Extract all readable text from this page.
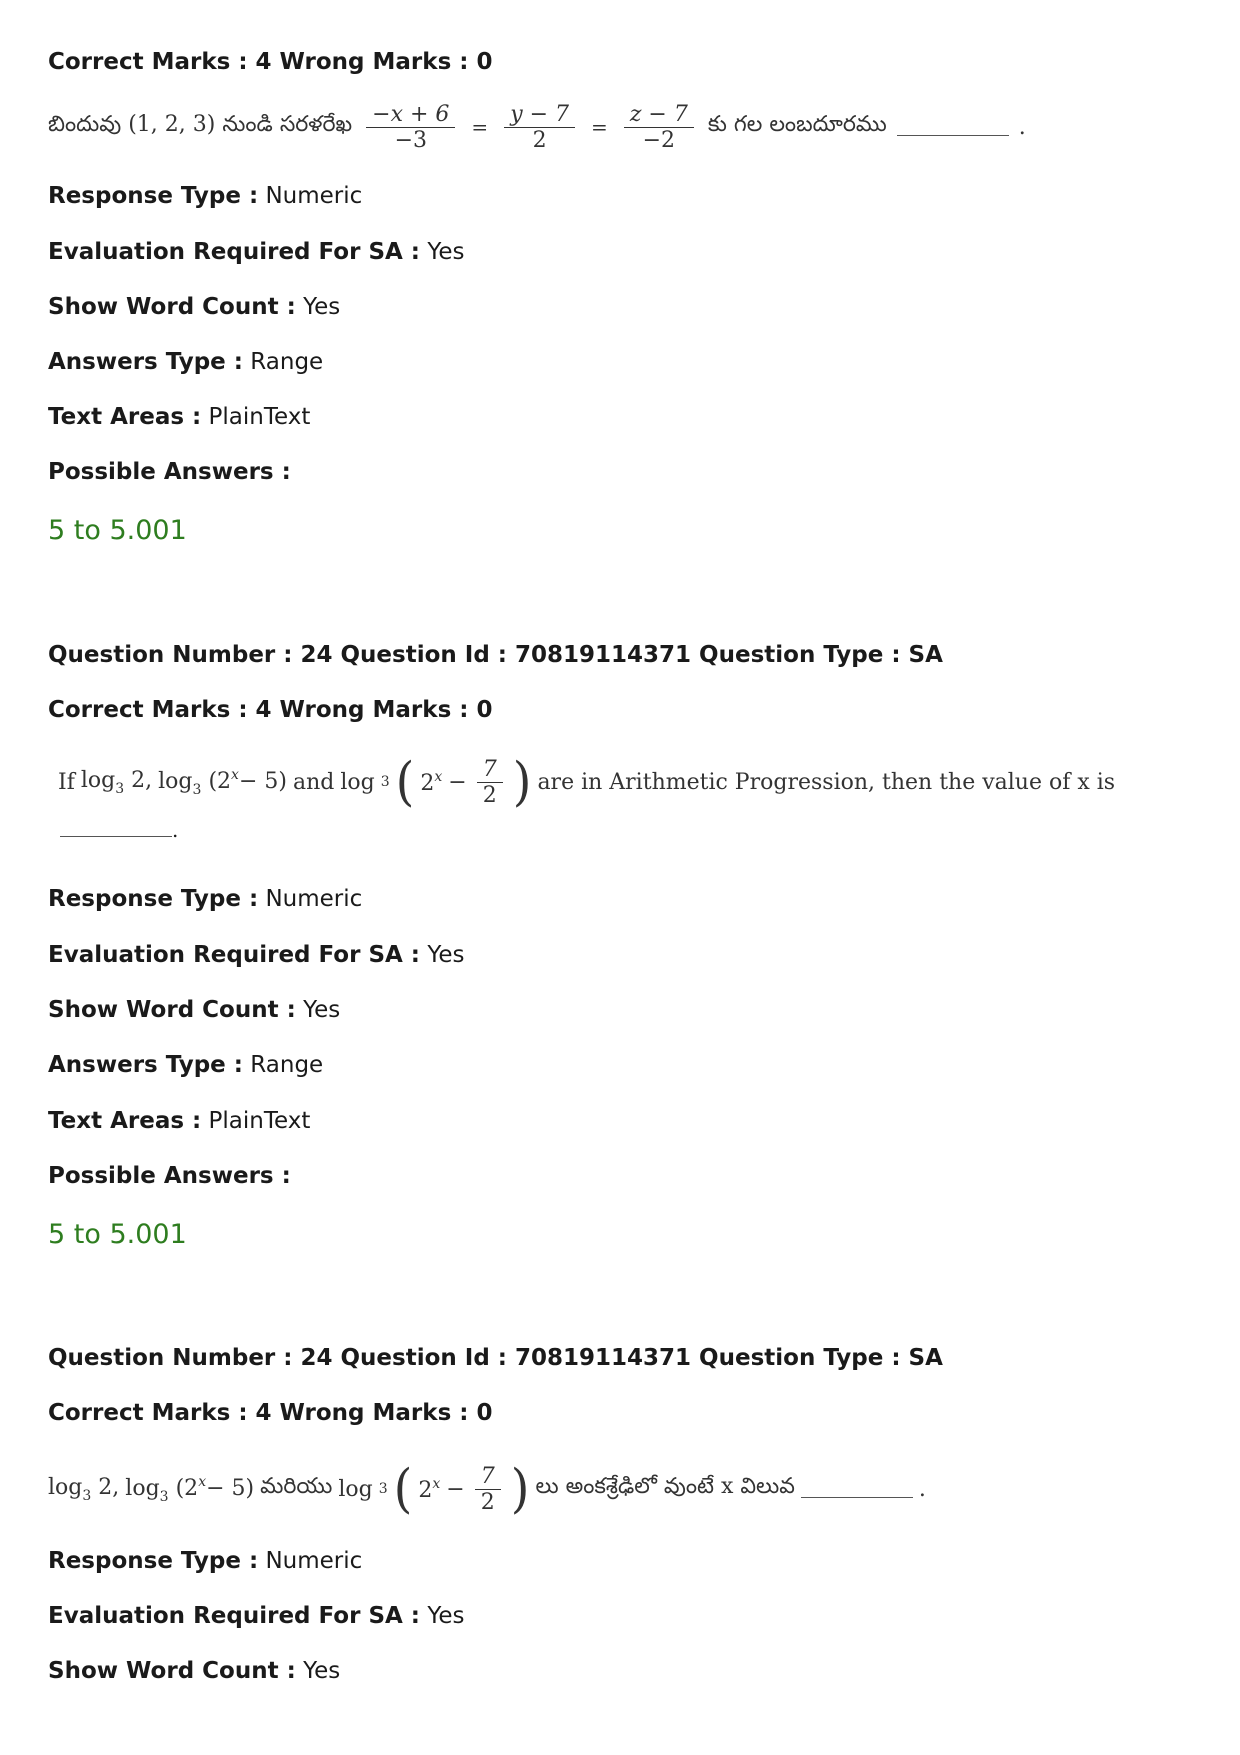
Correct Marks : 4 Wrong Marks : 0
బిందువు (1, 2, 3) నుండి సరళరేఖ $\frac{-x + 6}{-3} = \frac{y - 7}{2} = \frac{z - 7}{-2}$ కు గల లంబదూరము	.
Response Type : Numeric
Evaluation Required For SA : Yes
Show Word Count : Yes
Answers Type : Range
Text Areas : PlainText
Possible Answers :
5 to 5.001
Question Number : 24 Question Id : 70819114371 Question Type : SA
Correct Marks : 4 Wrong Marks : 0
If $\log_3 2$, $\log_3 (2^x- 5)$ and log 3 ( $2^x - \frac{7}{2}$ ) are in Arithmetic Progression, then the value of x is
.
Response Type : Numeric
Evaluation Required For SA : Yes
Show Word Count : Yes
Answers Type : Range
Text Areas : PlainText
Possible Answers :
5 to 5.001
Question Number : 24 Question Id : 70819114371 Question Type : SA
Correct Marks : 4 Wrong Marks : 0
$\log_3 2$, $\log_3 (2^x- 5)$ మరియు log 3 ( $2^x - \frac{7}{2}$ ) లు అంకశ్రేఢిలో వుంటే x విలువ	.
Response Type : Numeric
Evaluation Required For SA : Yes
Show Word Count : Yes
